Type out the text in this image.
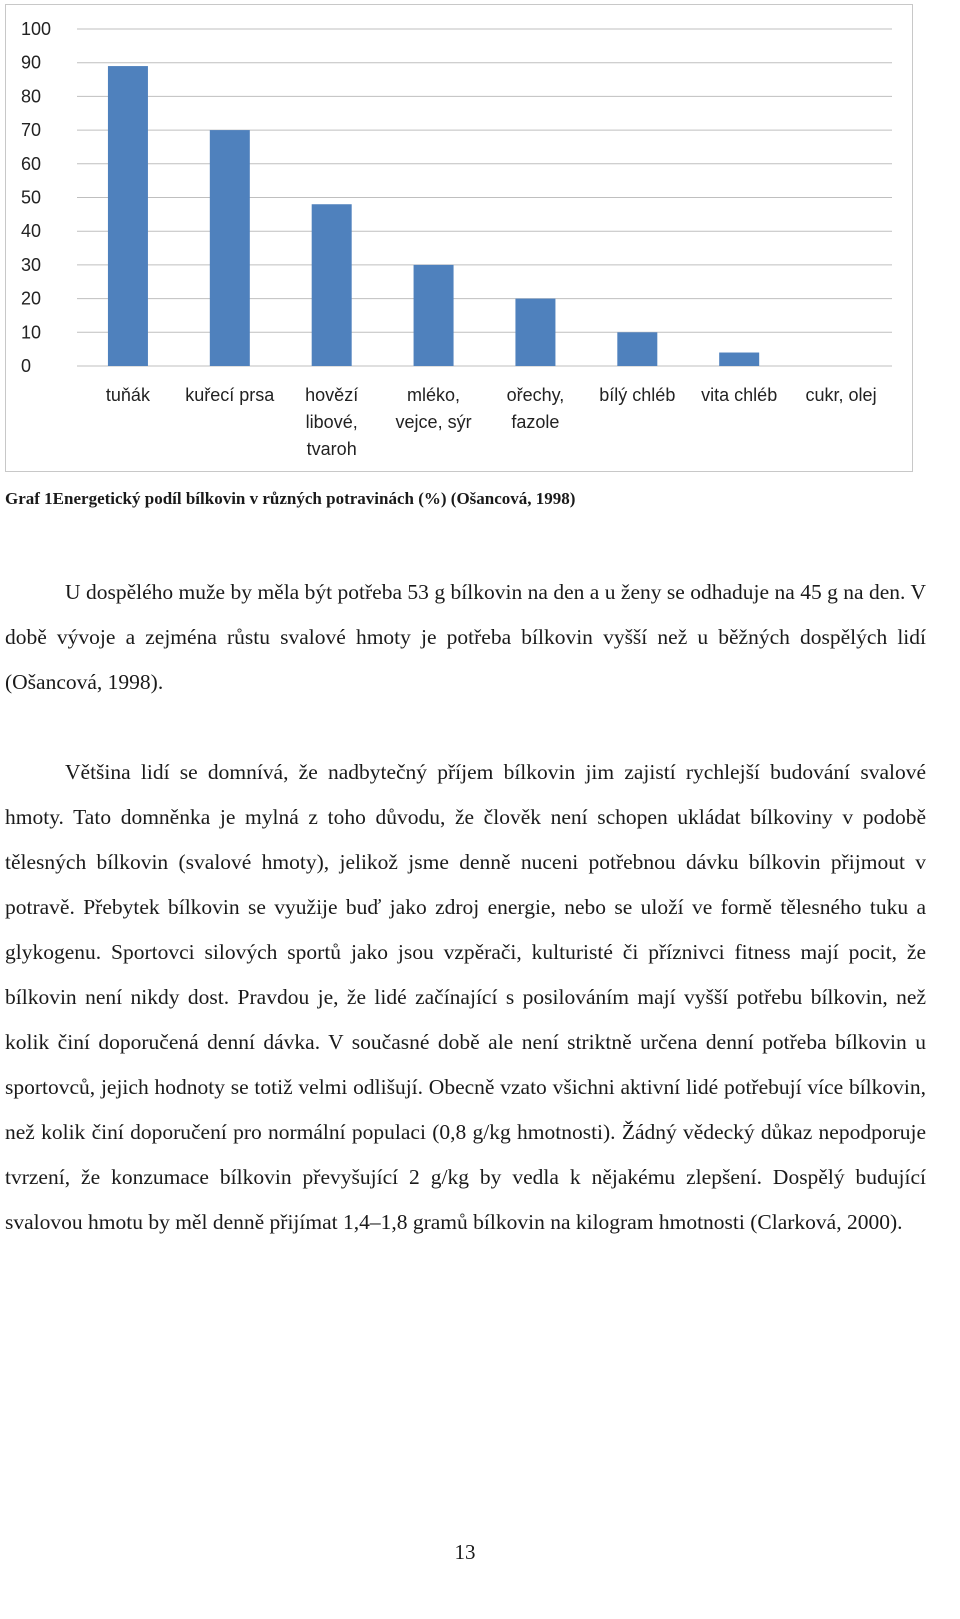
0
10
20
30
40
50
60
70
80
90
100
tuňák kuřecí prsa hovězí libové, tvaroh
mléko, vejce, sýr
ořechy, fazole
bílý chléb vita chléb cukr, olej
Graf 1Energetický podíl bílkovin v různých potravinách (%) (Ošancová, 1998)

U dospělého mužе by měla být potřeba 53 g bílkovin na den a u ženy se odhaduje na 45 g na den. V době vývoje a zejména růstu svalové hmoty je potřeba bílkovin vyšší než u běžných dospělých lidí (Ošancová, 1998).

Většina lidí se domnívá, že nadbytečný příjem bílkovin jim zajistí rychlejší budování svalové hmoty. Tato domněnka je mylná z toho důvodu, že člověk není schopen ukládat bílkoviny v podobě tělesných bílkovin (svalové hmoty), jelikož jsme denně nuceni potřebnou dávku bílkovin přijmout v potravě. Přebytek bílkovin se využije buď jako zdroj energie, nebo se uloží ve formě tělesného tuku a glykogenu. Sportovci silových sportů jako jsou vzpěrači, kulturisté či příznivci fitness mají pocit, že bílkovin není nikdy dost. Pravdou je, že lidé začínající s posilováním mají vyšší potřebu bílkovin, než kolik činí doporučená denní dávka. V současné době ale není striktně určena denní potřeba bílkovin u sportovců, jejich hodnoty se totiž velmi odlišují. Obecně vzato všichni aktivní lidé potřebují více bílkovin, než kolik činí doporučení pro normální populaci (0,8 g/kg hmotnosti). Žádný vědecký důkaz nepodporuje tvrzení, že konzumace bílkovin převyšující 2 g/kg by vedla k nějakému zlepšení. Dospělý budující svalovou hmotu by měl denně přijímat 1,4–1,8 gramů bílkovin na kilogram hmotnosti (Clarková, 2000).

13
